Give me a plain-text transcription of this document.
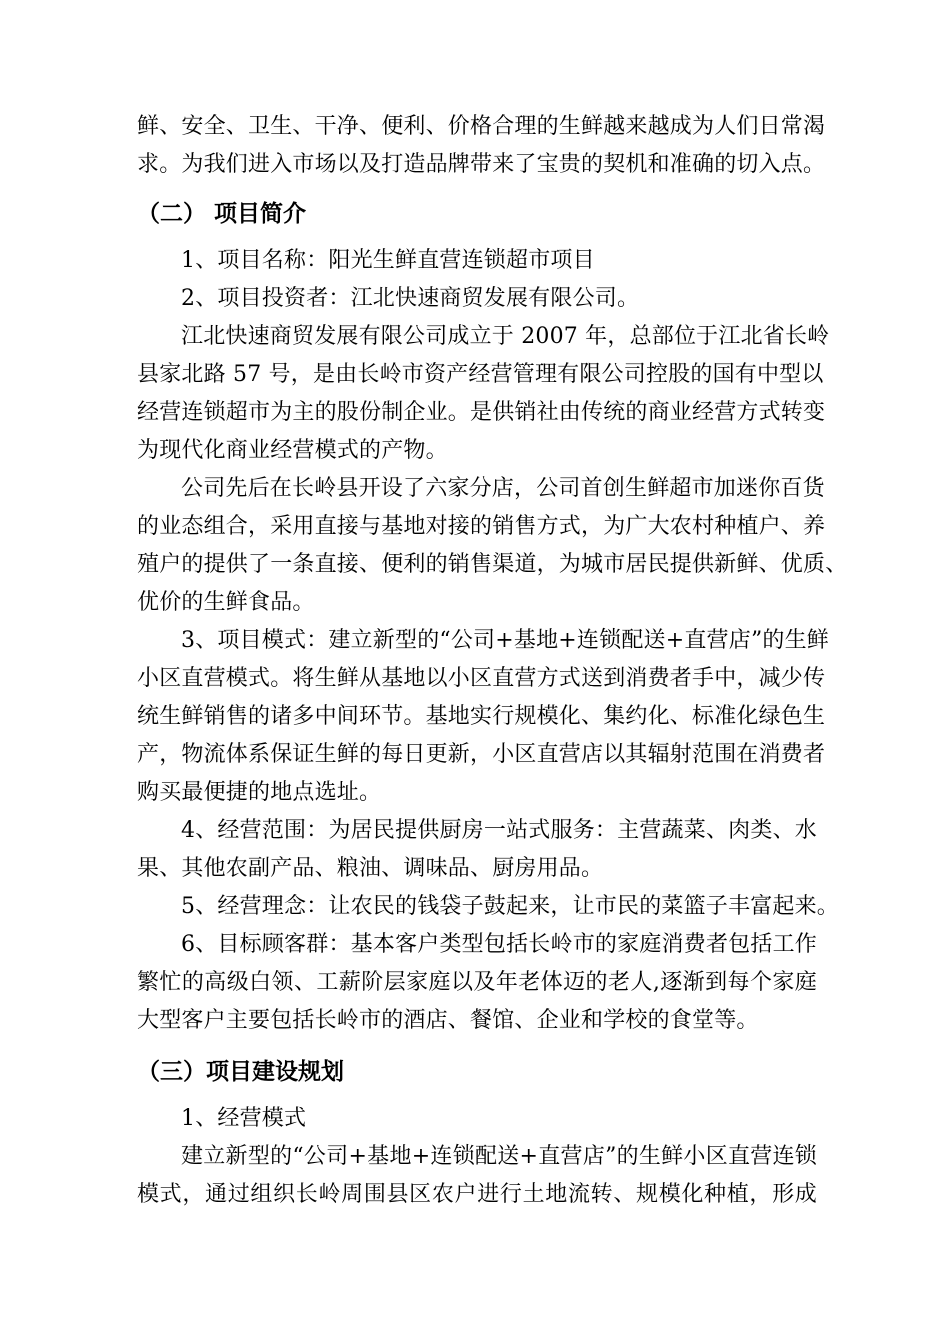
鲜、安全、卫生、干净、便利、价格合理的生鲜越来越成为人们日常渴
求。为我们进入市场以及打造品牌带来了宝贵的契机和准确的切入点。
（二） 项目简介
1、项目名称：阳光生鲜直营连锁超市项目
2、项目投资者：江北快速商贸发展有限公司。
江北快速商贸发展有限公司成立于 2007 年，总部位于江北省长岭
县家北路 57 号，是由长岭市资产经营管理有限公司控股的国有中型以
经营连锁超市为主的股份制企业。是供销社由传统的商业经营方式转变
为现代化商业经营模式的产物。
公司先后在长岭县开设了六家分店，公司首创生鲜超市加迷你百货
的业态组合，采用直接与基地对接的销售方式，为广大农村种植户、养
殖户的提供了一条直接、便利的销售渠道，为城市居民提供新鲜、优质、
优价的生鲜食品。
3、项目模式：建立新型的“公司+基地+连锁配送+直营店”的生鲜
小区直营模式。将生鲜从基地以小区直营方式送到消费者手中，减少传
统生鲜销售的诸多中间环节。基地实行规模化、集约化、标准化绿色生
产，物流体系保证生鲜的每日更新，小区直营店以其辐射范围在消费者
购买最便捷的地点选址。
4、经营范围：为居民提供厨房一站式服务：主营蔬菜、肉类、水
果、其他农副产品、粮油、调味品、厨房用品。
5、经营理念：让农民的钱袋子鼓起来，让市民的菜篮子丰富起来。
6、目标顾客群：基本客户类型包括长岭市的家庭消费者包括工作
繁忙的高级白领、工薪阶层家庭以及年老体迈的老人,逐渐到每个家庭
大型客户主要包括长岭市的酒店、餐馆、企业和学校的食堂等。
（三）项目建设规划
1、经营模式
建立新型的“公司+基地+连锁配送+直营店”的生鲜小区直营连锁
模式，通过组织长岭周围县区农户进行土地流转、规模化种植，形成
